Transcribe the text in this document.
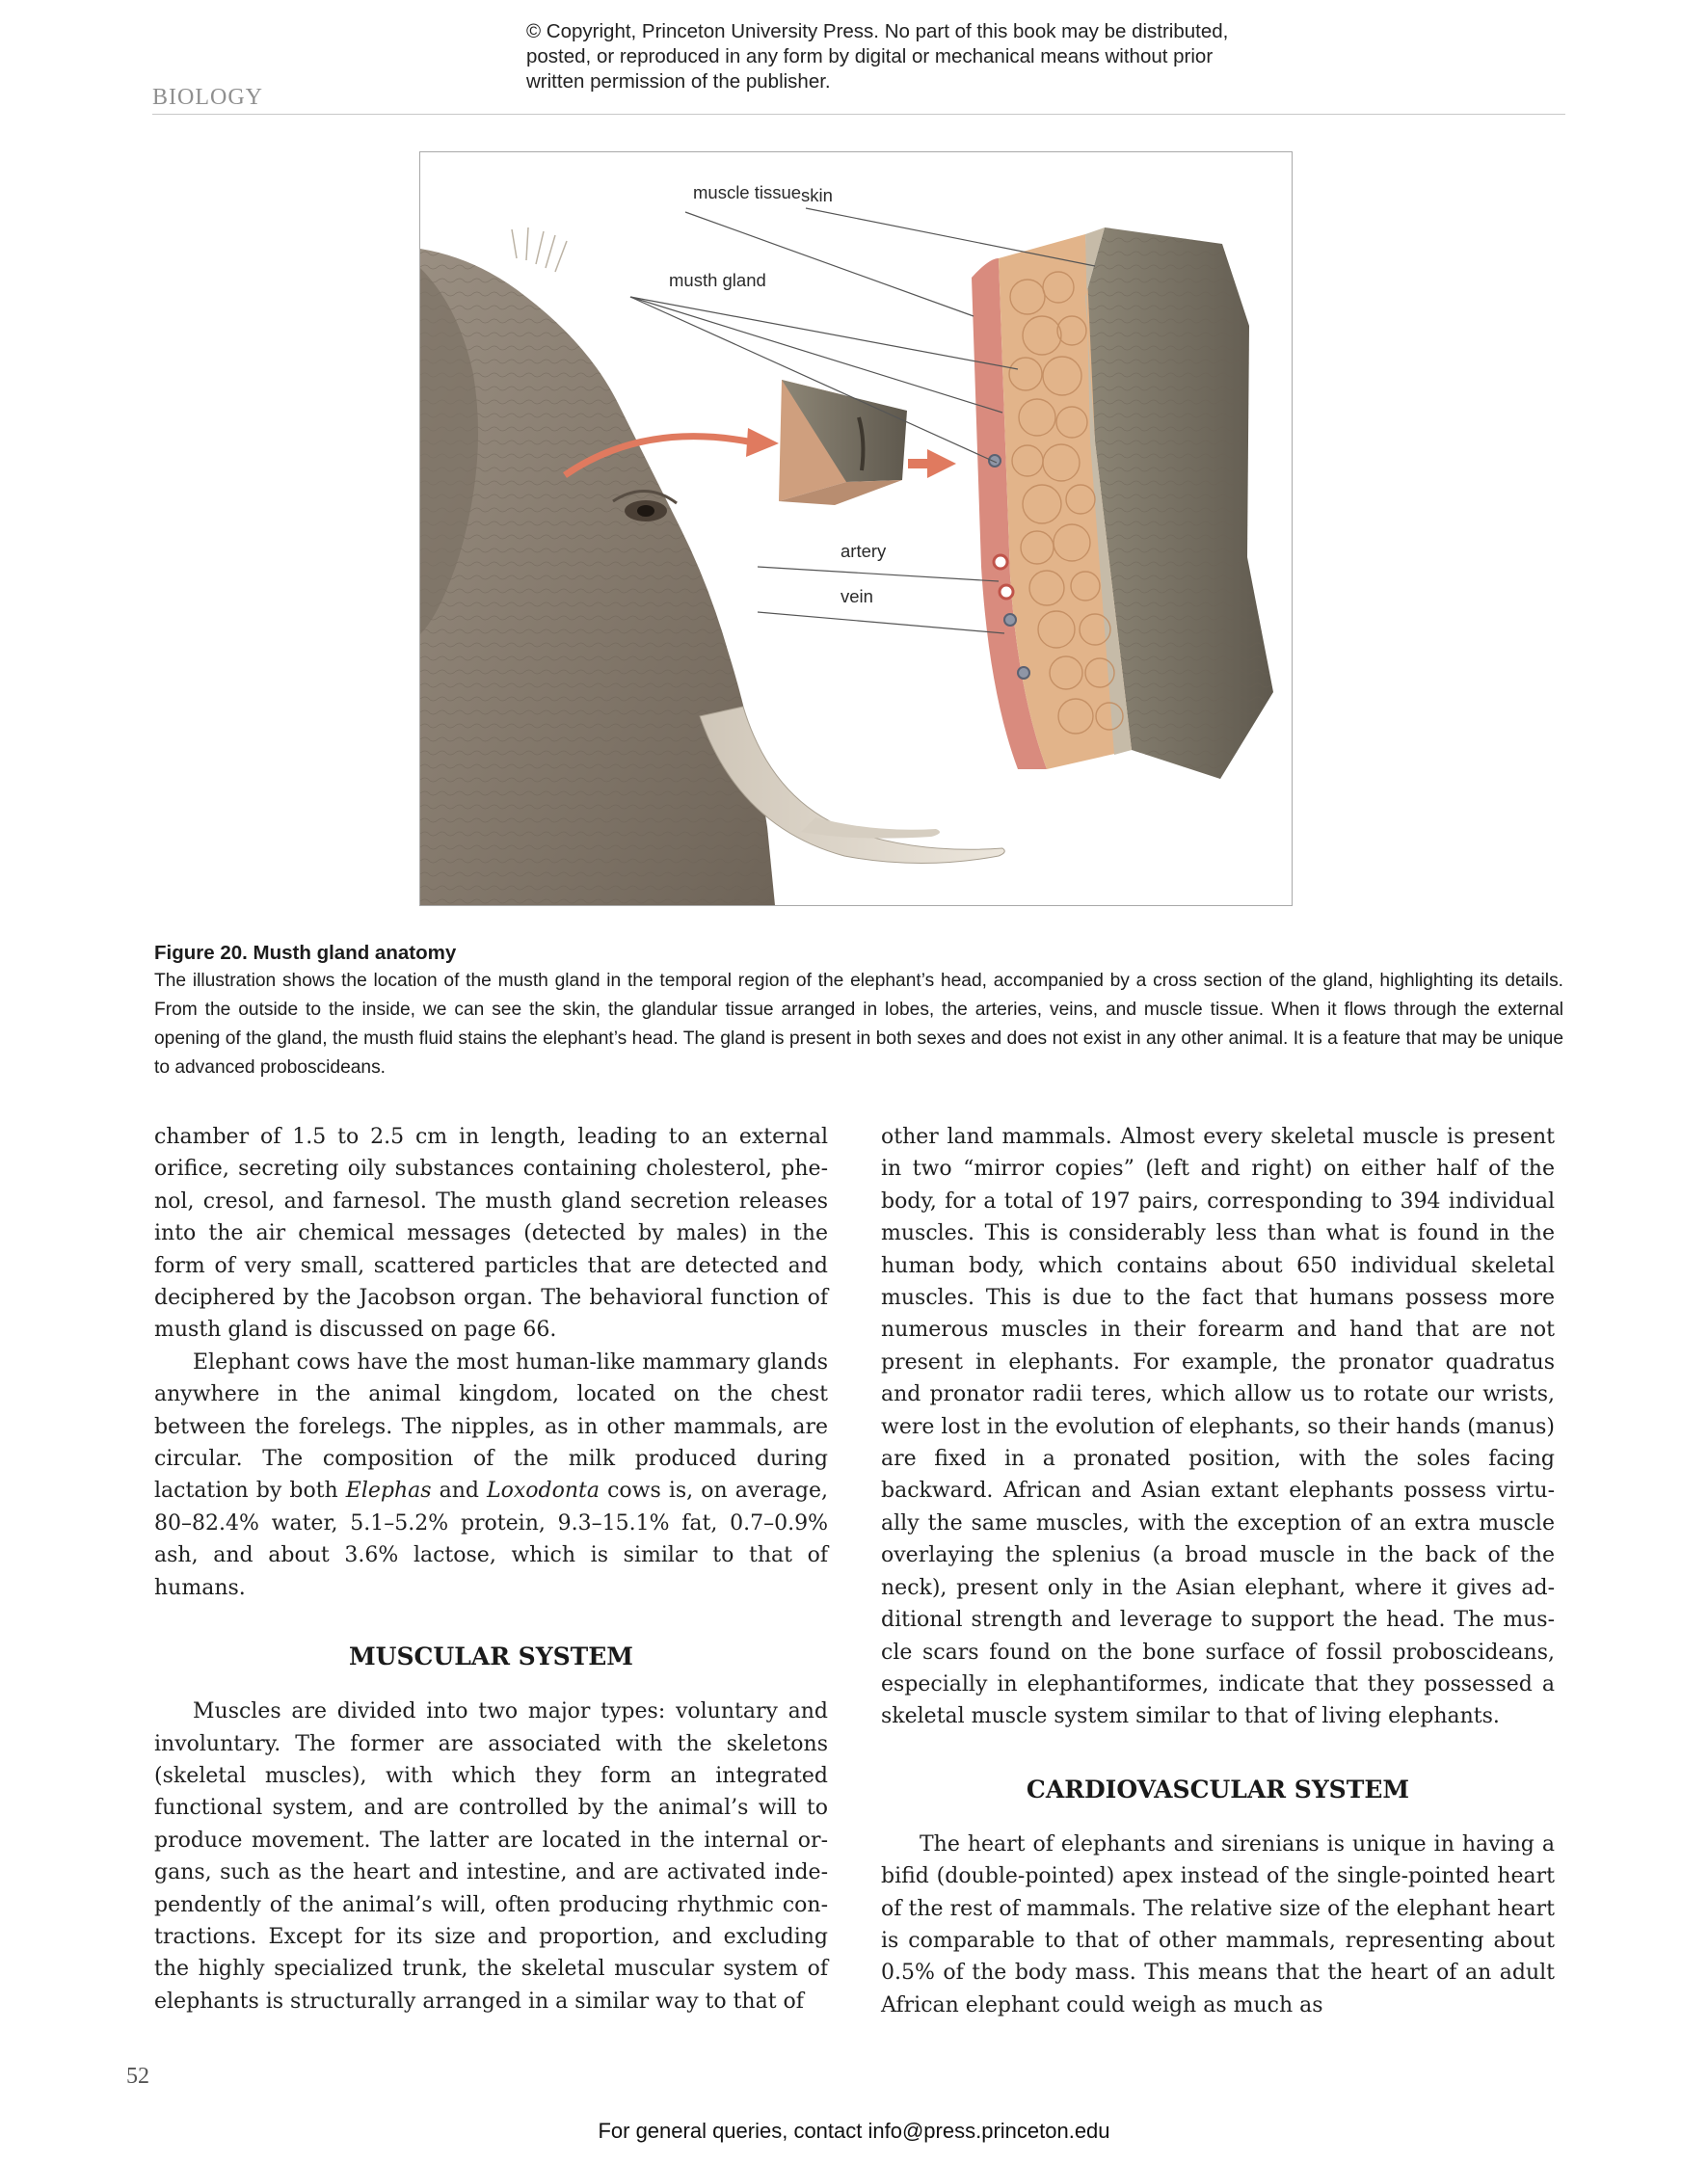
© Copyright, Princeton University Press. No part of this book may be distributed, posted, or reproduced in any form by digital or mechanical means without prior written permission of the publisher.
BIOLOGY
muscle tissue skin
musth gland
artery
vein
Figure 20. Musth gland anatomy
The illustration shows the location of the musth gland in the temporal region of the elephant’s head, accompanied by a cross section of the gland, highlighting its details. From the outside to the inside, we can see the skin, the glandular tissue arranged in lobes, the arteries, veins, and muscle tissue. When it flows through the external opening of the gland, the musth fluid stains the elephant’s head. The gland is present in both sexes and does not exist in any other animal. It is a feature that may be unique to advanced proboscideans.

chamber of 1.5 to 2.5 cm in length, leading to an external orifice, secreting oily substances containing cholesterol, phenol, cresol, and farnesol. The musth gland secretion releases into the air chemical messages (detected by males) in the form of very small, scattered particles that are detected and deciphered by the Jacobson organ. The behavioral function of musth gland is discussed on page 66.

Elephant cows have the most human-like mammary glands anywhere in the animal kingdom, located on the chest between the forelegs. The nipples, as in other mammals, are circular. The composition of the milk produced during lactation by both Elephas and Loxodonta cows is, on average, 80–82.4% water, 5.1–5.2% protein, 9.3–15.1% fat, 0.7–0.9% ash, and about 3.6% lactose, which is similar to that of humans.

MUSCULAR SYSTEM

Muscles are divided into two major types: voluntary and involuntary. The former are associated with the skeletons (skeletal muscles), with which they form an integrated functional system, and are controlled by the animal’s will to produce movement. The latter are located in the internal organs, such as the heart and intestine, and are activated independently of the animal’s will, often producing rhythmic contractions. Except for its size and proportion, and excluding the highly specialized trunk, the skeletal muscular system of elephants is structurally arranged in a similar way to that of

other land mammals. Almost every skeletal muscle is present in two “mirror copies” (left and right) on either half of the body, for a total of 197 pairs, corresponding to 394 individual muscles. This is considerably less than what is found in the human body, which contains about 650 individual skeletal muscles. This is due to the fact that humans possess more numerous muscles in their forearm and hand that are not present in elephants. For example, the pronator quadratus and pronator radii teres, which allow us to rotate our wrists, were lost in the evolution of elephants, so their hands (manus) are fixed in a pronated position, with the soles facing backward. African and Asian extant elephants possess virtually the same muscles, with the exception of an extra muscle overlaying the splenius (a broad muscle in the back of the neck), present only in the Asian elephant, where it gives additional strength and leverage to support the head. The muscle scars found on the bone surface of fossil proboscideans, especially in elephantiformes, indicate that they possessed a skeletal muscle system similar to that of living elephants.

CARDIOVASCULAR SYSTEM

The heart of elephants and sirenians is unique in having a bifid (double-pointed) apex instead of the single-pointed heart of the rest of mammals. The relative size of the elephant heart is comparable to that of other mammals, representing about 0.5% of the body mass. This means that the heart of an adult African elephant could weigh as much as

52
For general queries, contact info@press.princeton.edu
